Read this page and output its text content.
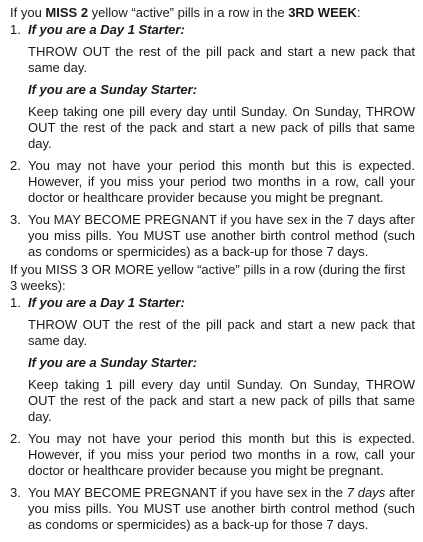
If you MISS 2 yellow “active” pills in a row in the 3RD WEEK:

1. If you are a Day 1 Starter:

THROW OUT the rest of the pill pack and start a new pack that same day.

If you are a Sunday Starter:

Keep taking one pill every day until Sunday. On Sunday, THROW OUT the rest of the pack and start a new pack of pills that same day.

2. You may not have your period this month but this is expected. However, if you miss your period two months in a row, call your doctor or healthcare provider because you might be pregnant.
3. You MAY BECOME PREGNANT if you have sex in the 7 days after you miss pills. You MUST use another birth control method (such as condoms or spermicides) as a back-up for those 7 days.

If you MISS 3 OR MORE yellow “active” pills in a row (during the first 3 weeks):

1. If you are a Day 1 Starter:

THROW OUT the rest of the pill pack and start a new pack that same day.

If you are a Sunday Starter:

Keep taking 1 pill every day until Sunday. On Sunday, THROW OUT the rest of the pack and start a new pack of pills that same day.

2. You may not have your period this month but this is expected. However, if you miss your period two months in a row, call your doctor or healthcare provider because you might be pregnant.
3. You MAY BECOME PREGNANT if you have sex in the 7 days after you miss pills. You MUST use another birth control method (such as condoms or spermicides) as a back-up for those 7 days.
